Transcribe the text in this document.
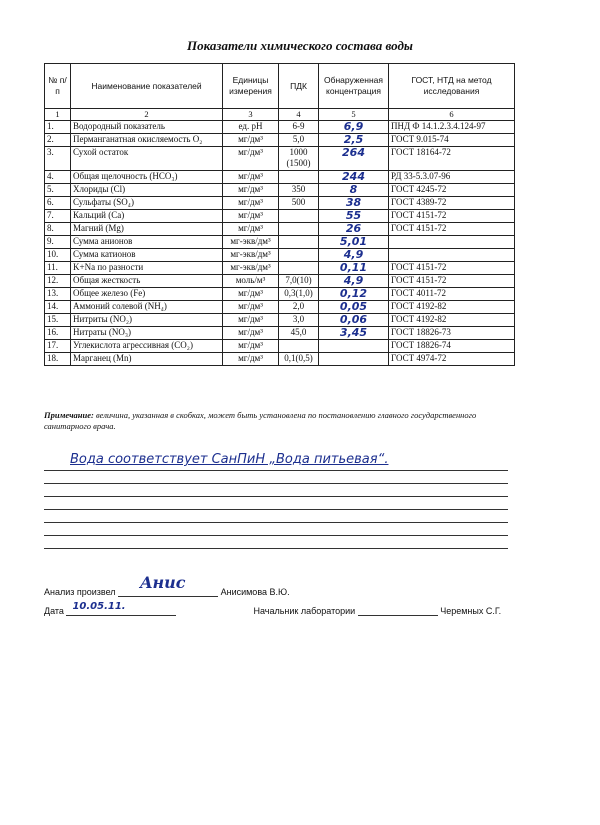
Показатели химического состава воды
№ п/п	Наименование показателей	Единицы измерения	ПДК	Обнаруженная концентрация	ГОСТ, НТД на метод исследования
1	2	3	4	5	6
1.	Водородный показатель	ед. pH	6-9	6,9	ПНД Ф 14.1.2.3.4.124-97
2.	Перманганатная окисляемость O₂	мг/дм³	5,0	2,5	ГОСТ 9.015-74
3.	Сухой остаток	мг/дм³	1000 (1500)	264	ГОСТ 18164-72
4.	Общая щелочность (HCO₃)	мг/дм³		244	РД 33-5.3.07-96
5.	Хлориды (Cl)	мг/дм³	350	8	ГОСТ 4245-72
6.	Сульфаты (SO₄)	мг/дм³	500	38	ГОСТ 4389-72
7.	Кальций (Ca)	мг/дм³		55	ГОСТ 4151-72
8.	Магний (Mg)	мг/дм³		26	ГОСТ 4151-72
9.	Сумма анионов	мг-экв/дм³		5,01	
10.	Сумма катионов	мг-экв/дм³		4,9	
11.	K+Na по разности	мг-экв/дм³		0,11	ГОСТ 4151-72
12.	Общая жесткость	моль/м³	7,0(10)	4,9	ГОСТ 4151-72
13.	Общее железо (Fe)	мг/дм³	0,3(1,0)	0,12	ГОСТ 4011-72
14.	Аммоний солевой (NH₄)	мг/дм³	2,0	0,05	ГОСТ 4192-82
15.	Нитриты (NO₂)	мг/дм³	3,0	0,06	ГОСТ 4192-82
16.	Нитраты (NO₃)	мг/дм³	45,0	3,45	ГОСТ 18826-73
17.	Углекислота агрессивная (CO₂)	мг/дм³			ГОСТ 18826-74
18.	Марганец (Mn)	мг/дм³	0,1(0,5)		ГОСТ 4974-72
Примечание: величина, указанная в скобках, может быть установлена по постановлению главного государственного санитарного врача.
Вода соответствует СанПиН „Вода питьевая“.
Анализ произвел Aниc	Анисимова В.Ю.
Дата 10.05.11.	Начальник лаборатории	Черемных С.Г.
